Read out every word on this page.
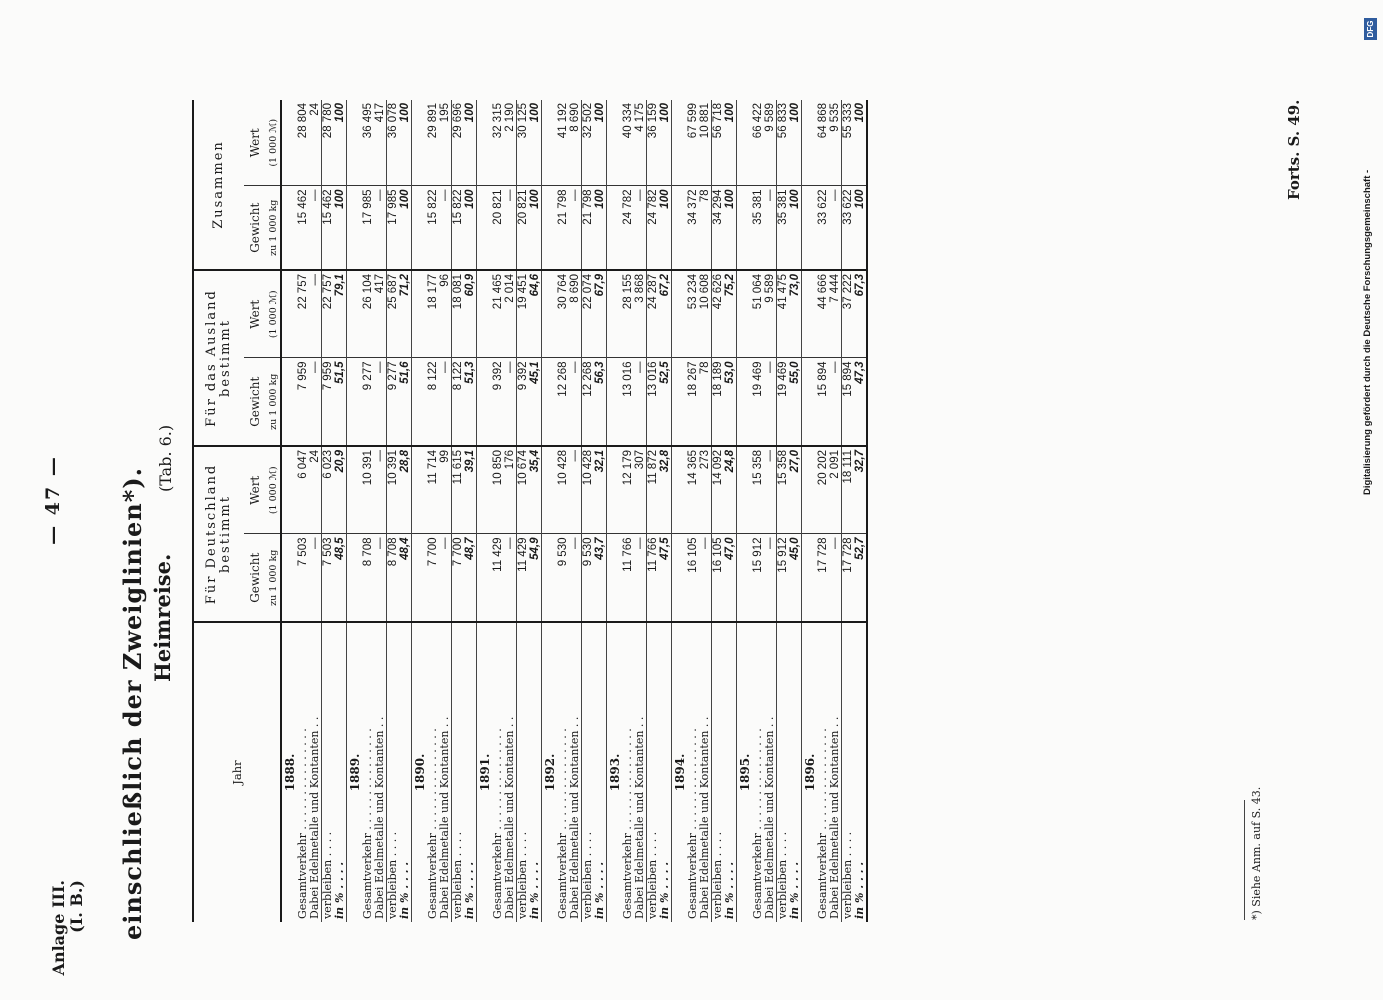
— 47 —
Anlage III. (I. B.) einschließlich der Zweiglinien*). Heimreise.
(Tab. 6.)
Jahr	Für Deutschland bestimmt		Für das Ausland bestimmt		Zusammen	
	Gewicht	Wert	Gewicht	Wert	Gewicht	Wert
	zu 1 000 kg	(1 000 ℳ)	zu 1 000 kg	(1 000 ℳ)	zu 1 000 kg	(1 000 ℳ)
1888.						
Gesamtverkehr . . . . . . . . . . . . . . .	7 503	6 047	7 959	22 757	15 462	28 804
Dabei Edelmetalle und Kontanten . .	—	24	—	—	—	24
verbleiben . . . .	7 503	6 023	7 959	22 757	15 462	28 780
in % . . . .	48,5	20,9	51,5	79,1	100	100
1889.						
Gesamtverkehr . . . . . . . . . . . . . . .	8 708	10 391	9 277	26 104	17 985	36 495
Dabei Edelmetalle und Kontanten . .	—	—	—	417	—	417
verbleiben . . . .	8 708	10 391	9 277	25 687	17 985	36 078
in % . . . .	48,4	28,8	51,6	71,2	100	100
1890.						
Gesamtverkehr . . . . . . . . . . . . . . .	7 700	11 714	8 122	18 177	15 822	29 891
Dabei Edelmetalle und Kontanten . .	—	99	—	96	—	195
verbleiben . . . .	7 700	11 615	8 122	18 081	15 822	29 696
in % . . . .	48,7	39,1	51,3	60,9	100	100
1891.						
Gesamtverkehr . . . . . . . . . . . . . . .	11 429	10 850	9 392	21 465	20 821	32 315
Dabei Edelmetalle und Kontanten . .	—	176	—	2 014	—	2 190
verbleiben . . . .	11 429	10 674	9 392	19 451	20 821	30 125
in % . . . .	54,9	35,4	45,1	64,6	100	100
1892.						
Gesamtverkehr . . . . . . . . . . . . . . .	9 530	10 428	12 268	30 764	21 798	41 192
Dabei Edelmetalle und Kontanten . .	—	—	—	8 690	—	8 690
verbleiben . . . .	9 530	10 428	12 268	22 074	21 798	32 502
in % . . . .	43,7	32,1	56,3	67,9	100	100
1893.						
Gesamtverkehr . . . . . . . . . . . . . . .	11 766	12 179	13 016	28 155	24 782	40 334
Dabei Edelmetalle und Kontanten . .	—	307	—	3 868	—	4 175
verbleiben . . . .	11 766	11 872	13 016	24 287	24 782	36 159
in % . . . .	47,5	32,8	52,5	67,2	100	100
1894.						
Gesamtverkehr . . . . . . . . . . . . . . .	16 105	14 365	18 267	53 234	34 372	67 599
Dabei Edelmetalle und Kontanten . .	—	273	78	10 608	78	10 881
verbleiben . . . .	16 105	14 092	18 189	42 626	34 294	56 718
in % . . . .	47,0	24,8	53,0	75,2	100	100
1895.						
Gesamtverkehr . . . . . . . . . . . . . . .	15 912	15 358	19 469	51 064	35 381	66 422
Dabei Edelmetalle und Kontanten . .	—	—	—	9 589	—	9 589
verbleiben . . . .	15 912	15 358	19 469	41 475	35 381	56 833
in % . . . .	45,0	27,0	55,0	73,0	100	100
1896.						
Gesamtverkehr . . . . . . . . . . . . . . .	17 728	20 202	15 894	44 666	33 622	64 868
Dabei Edelmetalle und Kontanten . .	—	2 091	—	7 444	—	9 535
verbleiben . . . .	17 728	18 111	15 894	37 222	33 622	55 333
in % . . . .	52,7	32,7	47,3	67,3	100	100
*) Siehe Anm. auf S. 43.
Forts. S. 49.
Digitalisierung gefördert durch die Deutsche Forschungsgemeinschaft -
DFG
